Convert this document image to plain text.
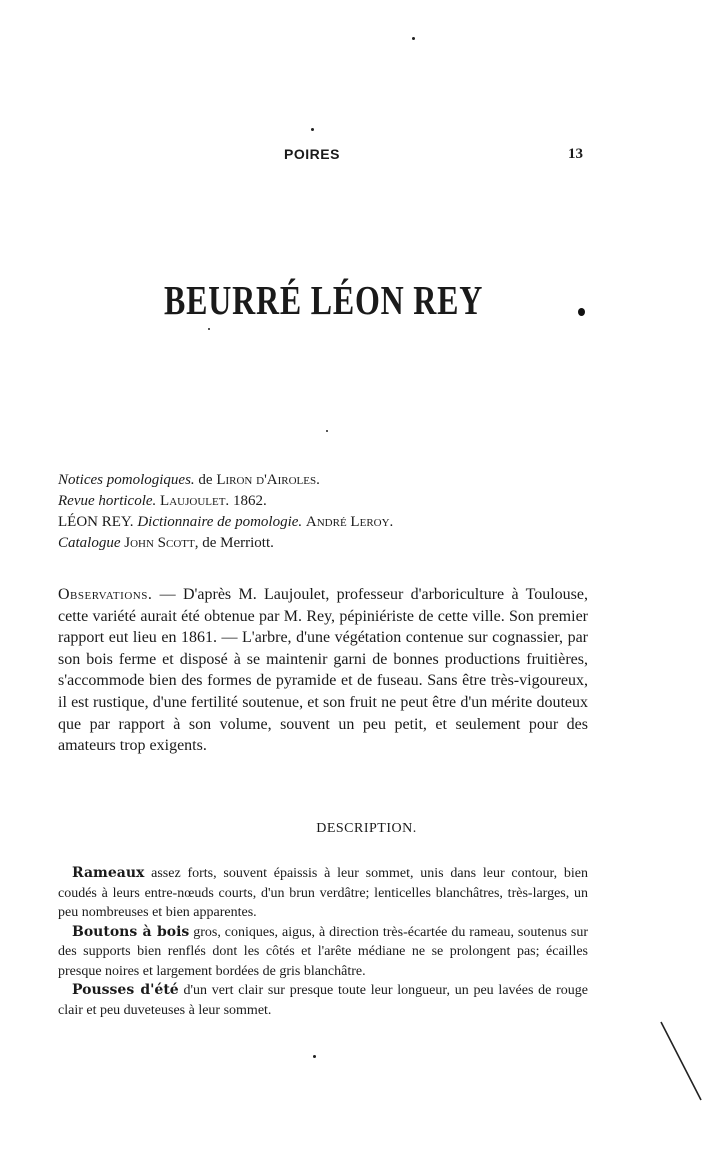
POIRES	13
BEURRÉ LÉON REY
Notices pomologiques. de Liron d'Airoles.
Revue horticole. Laujoulet. 1862.
LÉON REY. Dictionnaire de pomologie. André Leroy.
Catalogue John Scott, de Merriott.
Observations. — D'après M. Laujoulet, professeur d'arboriculture à Toulouse, cette variété aurait été obtenue par M. Rey, pépiniériste de cette ville. Son premier rapport eut lieu en 1861. — L'arbre, d'une végétation contenue sur cognassier, par son bois ferme et disposé à se maintenir garni de bonnes productions fruitières, s'accommode bien des formes de pyramide et de fuseau. Sans être très-vigoureux, il est rustique, d'une fertilité soutenue, et son fruit ne peut être d'un mérite douteux que par rapport à son volume, souvent un peu petit, et seulement pour des amateurs trop exigents.
DESCRIPTION.

 Rameaux assez forts, souvent épaissis à leur sommet, unis dans leur contour, bien coudés à leurs entre-nœuds courts, d'un brun verdâtre; lenticelles blanchâtres, très-larges, un peu nombreuses et bien apparentes.

 Boutons à bois gros, coniques, aigus, à direction très-écartée du rameau, soutenus sur des supports bien renflés dont les côtés et l'arête médiane ne se prolongent pas; écailles presque noires et largement bordées de gris blanchâtre.

 Pousses d'été d'un vert clair sur presque toute leur longueur, un peu lavées de rouge clair et peu duveteuses à leur sommet.
